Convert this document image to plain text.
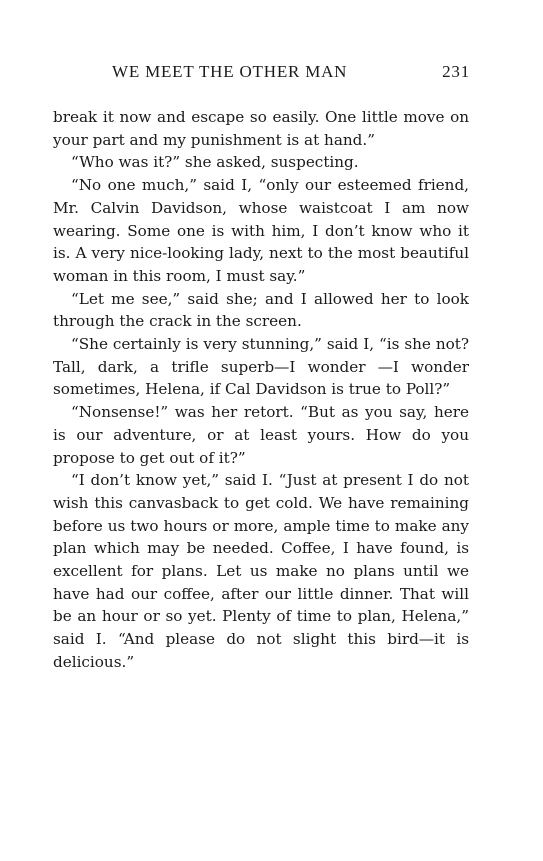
WE MEET THE OTHER MAN	231

break it now and escape so easily. One little move on your part and my punishment is at hand.”

“Who was it?” she asked, suspecting.

“No one much,” said I, “only our esteemed friend, Mr. Calvin Davidson, whose waistcoat I am now wearing. Some one is with him, I don’t know who it is. A very nice-looking lady, next to the most beautiful woman in this room, I must say.”

“Let me see,” said she; and I allowed her to look through the crack in the screen.

“She certainly is very stunning,” said I, “is she not? Tall, dark, a trifle superb—I wonder —I wonder sometimes, Helena, if Cal Davidson is true to Poll?”

“Nonsense!” was her retort. “But as you say, here is our adventure, or at least yours. How do you propose to get out of it?”

“I don’t know yet,” said I. “Just at present I do not wish this canvasback to get cold. We have remaining before us two hours or more, ample time to make any plan which may be needed. Coffee, I have found, is excellent for plans. Let us make no plans until we have had our coffee, after our little dinner. That will be an hour or so yet. Plenty of time to plan, Helena,” said I. “And please do not slight this bird—it is delicious.”
